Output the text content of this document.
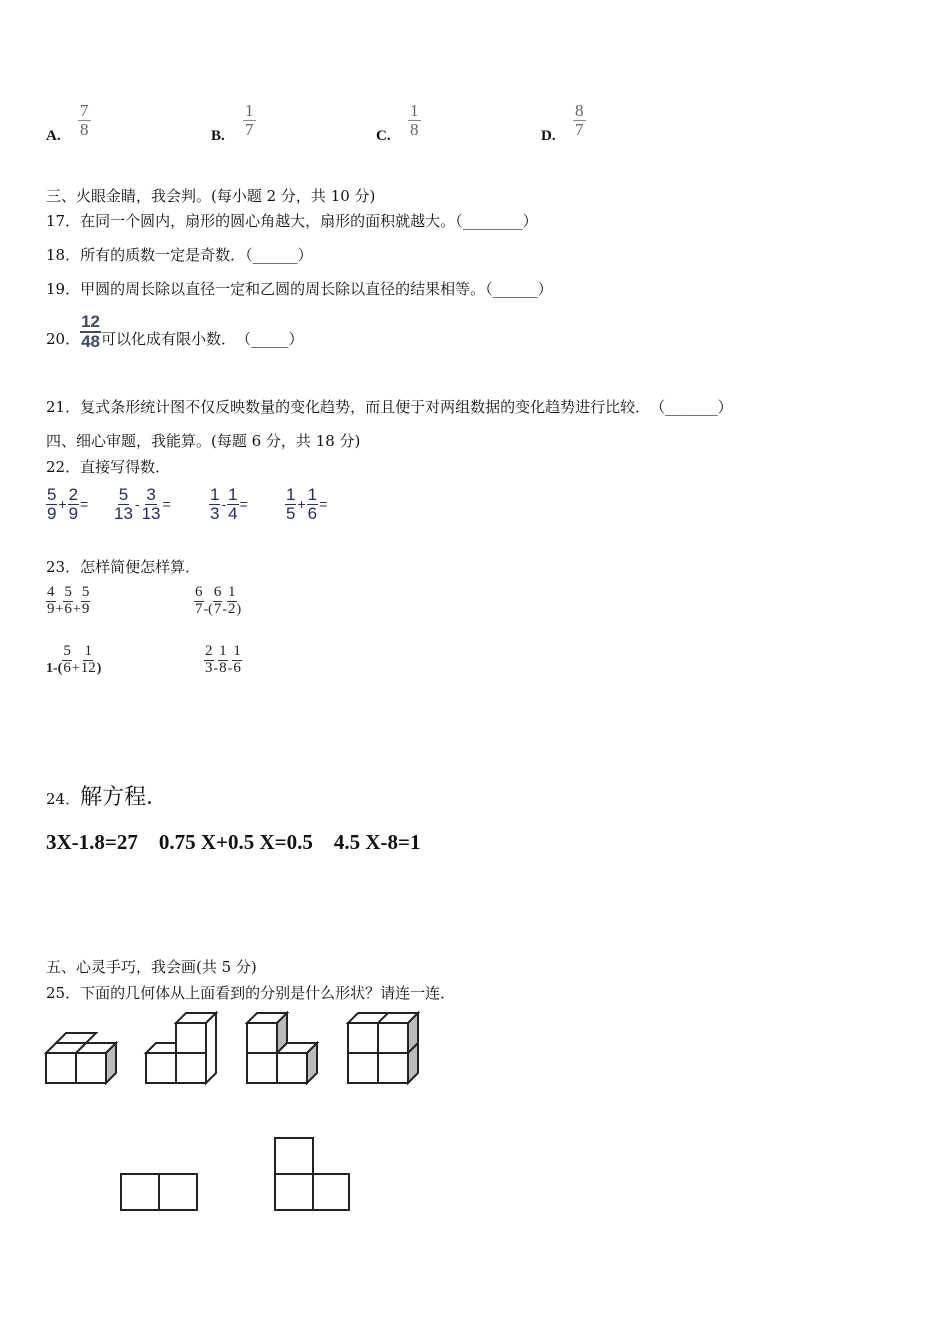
A. $\frac{7}{8}$	B. $\frac{1}{7}$	C. $\frac{1}{8}$	D. $\frac{8}{7}$
三、火眼金睛，我会判。(每小题 2 分，共 10 分)
17．在同一个圆内，扇形的圆心角越大，扇形的面积就越大。（________）
18．所有的质数一定是奇数．（______）
19．甲圆的周长除以直径一定和乙圆的周长除以直径的结果相等。（______）
20． $\frac{12}{48}$ 可以化成有限小数．　（_____）
21．复式条形统计图不仅反映数量的变化趋势，而且便于对两组数据的变化趋势进行比较．　（_______）
四、细心审题，我能算。(每题 6 分，共 18 分)
22．直接写得数．
$\frac{5}{9} + \frac{2}{9} = \frac{5}{13} - \frac{3}{13} = \frac{1}{3} - \frac{1}{4} = \frac{1}{5} + \frac{1}{6}$ =
23．怎样简便怎样算．
$\frac{4}{9} + \frac{5}{6} + \frac{5}{9}$	$\frac{6}{7}$ -( $\frac{6}{7} - \frac{1}{2}$ )
$1-( \frac{5}{6} + \frac{1}{12}$ )	$\frac{2}{3} - \frac{1}{8} - \frac{1}{6}$
24．解方程．
3X-1.8=27    0.75 X+0.5 X=0.5    4.5 X-8=1
五、心灵手巧，我会画(共 5 分)
25．下面的几何体从上面看到的分别是什么形状？请连一连．
